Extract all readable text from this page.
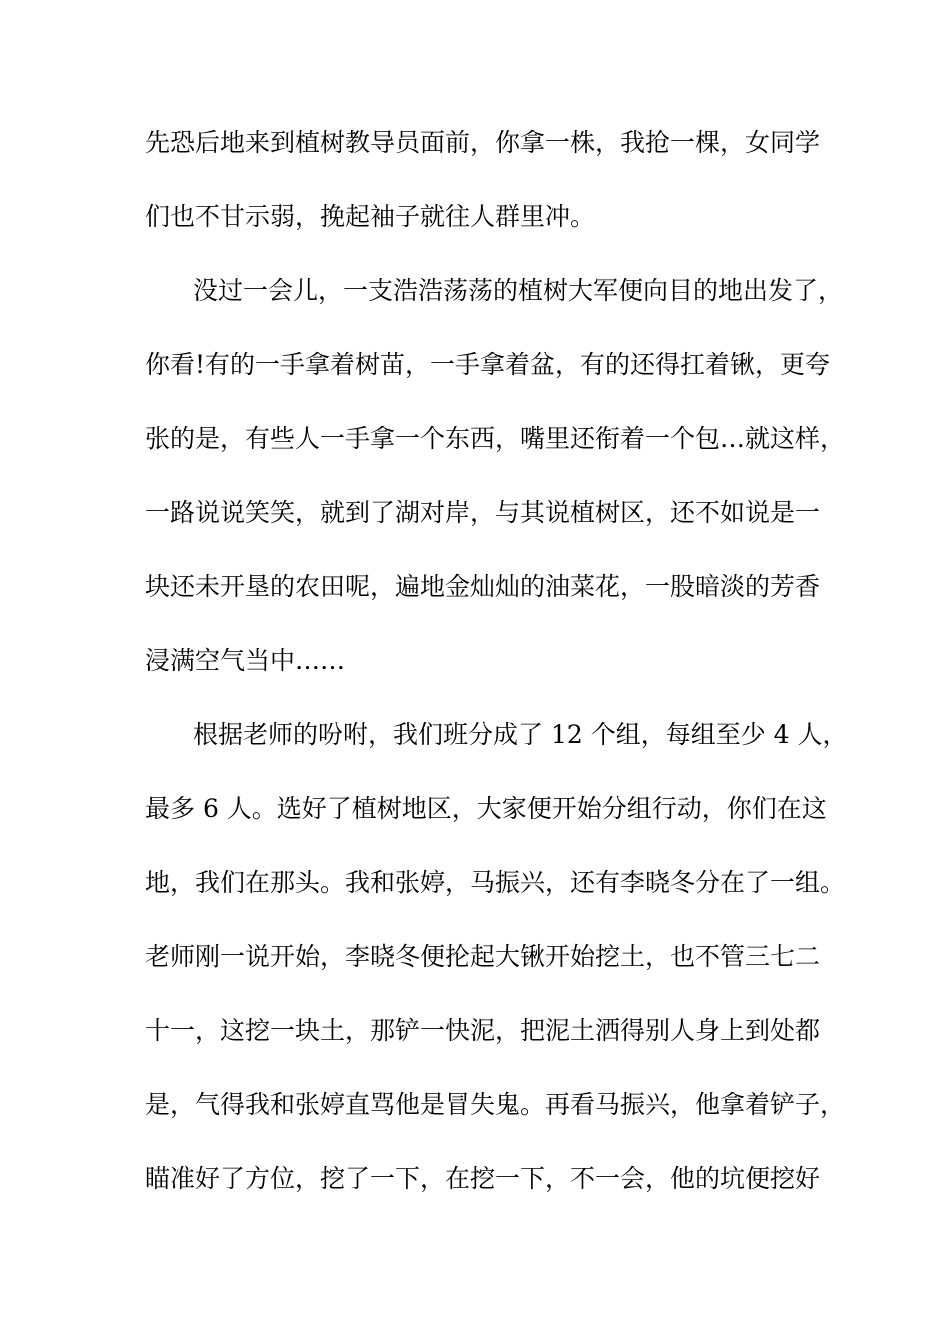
先恐后地来到植树教导员面前，你拿一株，我抢一棵，女同学
们也不甘示弱，挽起袖子就往人群里冲。
没过一会儿，一支浩浩荡荡的植树大军便向目的地出发了，
你看!有的一手拿着树苗，一手拿着盆，有的还得扛着锹，更夸
张的是，有些人一手拿一个东西，嘴里还衔着一个包…就这样，
一路说说笑笑，就到了湖对岸，与其说植树区，还不如说是一
块还未开垦的农田呢，遍地金灿灿的油菜花，一股暗淡的芳香
浸满空气当中……
根据老师的吩咐，我们班分成了 12 个组，每组至少 4 人，
最多 6 人。选好了植树地区，大家便开始分组行动，你们在这
地，我们在那头。我和张婷，马振兴，还有李晓冬分在了一组。
老师刚一说开始，李晓冬便抡起大锹开始挖土，也不管三七二
十一，这挖一块土，那铲一快泥，把泥土洒得别人身上到处都
是，气得我和张婷直骂他是冒失鬼。再看马振兴，他拿着铲子，
瞄准好了方位，挖了一下，在挖一下，不一会，他的坑便挖好
